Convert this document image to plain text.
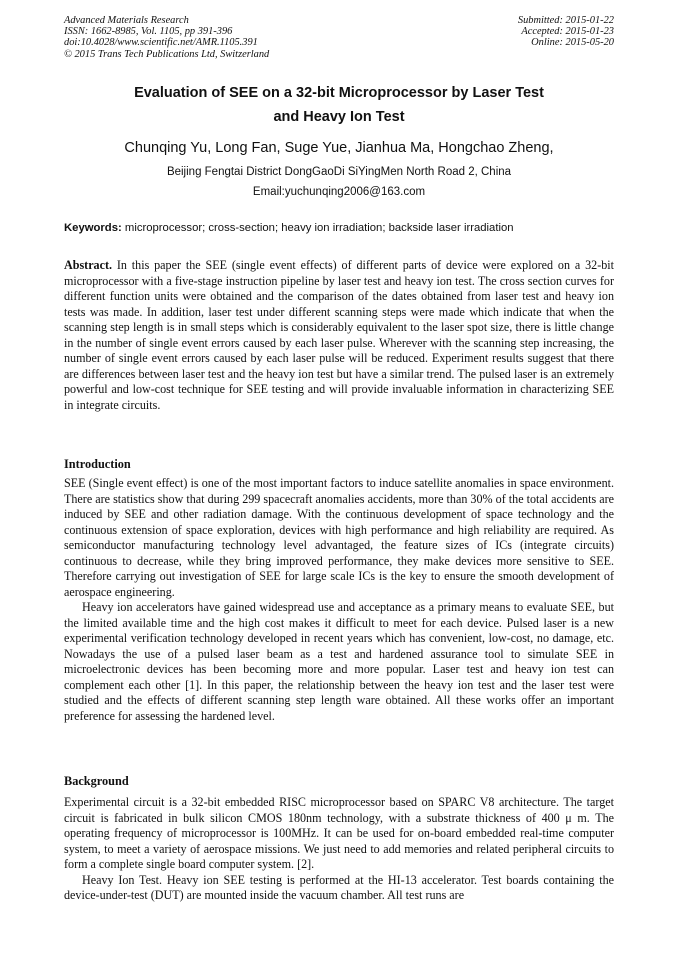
Advanced Materials Research
ISSN: 1662-8985, Vol. 1105, pp 391-396
doi:10.4028/www.scientific.net/AMR.1105.391
© 2015 Trans Tech Publications Ltd, Switzerland
Submitted: 2015-01-22
Accepted: 2015-01-23
Online: 2015-05-20
Evaluation of SEE on a 32-bit Microprocessor by Laser Test
and Heavy Ion Test
Chunqing Yu, Long Fan, Suge Yue, Jianhua Ma, Hongchao Zheng,
Beijing Fengtai District DongGaoDi SiYingMen North Road 2, China
Email:yuchunqing2006@163.com
Keywords: microprocessor; cross-section; heavy ion irradiation; backside laser irradiation

Abstract. In this paper the SEE (single event effects) of different parts of device were explored on a 32-bit microprocessor with a five-stage instruction pipeline by laser test and heavy ion test. The cross section curves for different function units were obtained and the comparison of the dates obtained from laser test and heavy ion tests was made. In addition, laser test under different scanning steps were made which indicate that when the scanning step length is in small steps which is considerably equivalent to the laser spot size, there is little change in the number of single event errors caused by each laser pulse. Wherever with the scanning step increasing, the number of single event errors caused by each laser pulse will be reduced. Experiment results suggest that there are differences between laser test and the heavy ion test but have a similar trend. The pulsed laser is an extremely powerful and low-cost technique for SEE testing and will provide invaluable information in characterizing SEE in integrate circuits.

Introduction

SEE (Single event effect) is one of the most important factors to induce satellite anomalies in space environment. There are statistics show that during 299 spacecraft anomalies accidents, more than 30% of the total accidents are induced by SEE and other radiation damage. With the continuous development of space technology and the continuous extension of space exploration, devices with high performance and high reliability are required. As semiconductor manufacturing technology level advantaged, the feature sizes of ICs (integrate circuits) continuous to decrease, while they bring improved performance, they make devices more sensitive to SEE. Therefore carrying out investigation of SEE for large scale ICs is the key to ensure the smooth development of aerospace engineering.

Heavy ion accelerators have gained widespread use and acceptance as a primary means to evaluate SEE, but the limited available time and the high cost makes it difficult to meet for each device. Pulsed laser is a new experimental verification technology developed in recent years which has convenient, low-cost, no damage, etc. Nowadays the use of a pulsed laser beam as a test and hardened assurance tool to simulate SEE in microelectronic devices has been becoming more and more popular. Laser test and heavy ion test can complement each other [1]. In this paper, the relationship between the heavy ion test and the laser test were studied and the effects of different scanning step length ware obtained. All these works offer an important preference for assessing the hardened level.

Background

Experimental circuit is a 32-bit embedded RISC microprocessor based on SPARC V8 architecture. The target circuit is fabricated in bulk silicon CMOS 180nm technology, with a substrate thickness of 400 μ m. The operating frequency of microprocessor is 100MHz. It can be used for on-board embedded real-time computer system, to meet a variety of aerospace missions. We just need to add memories and related peripheral circuits to form a complete single board computer system. [2].

Heavy Ion Test. Heavy ion SEE testing is performed at the HI-13 accelerator. Test boards containing the device-under-test (DUT) are mounted inside the vacuum chamber. All test runs are
